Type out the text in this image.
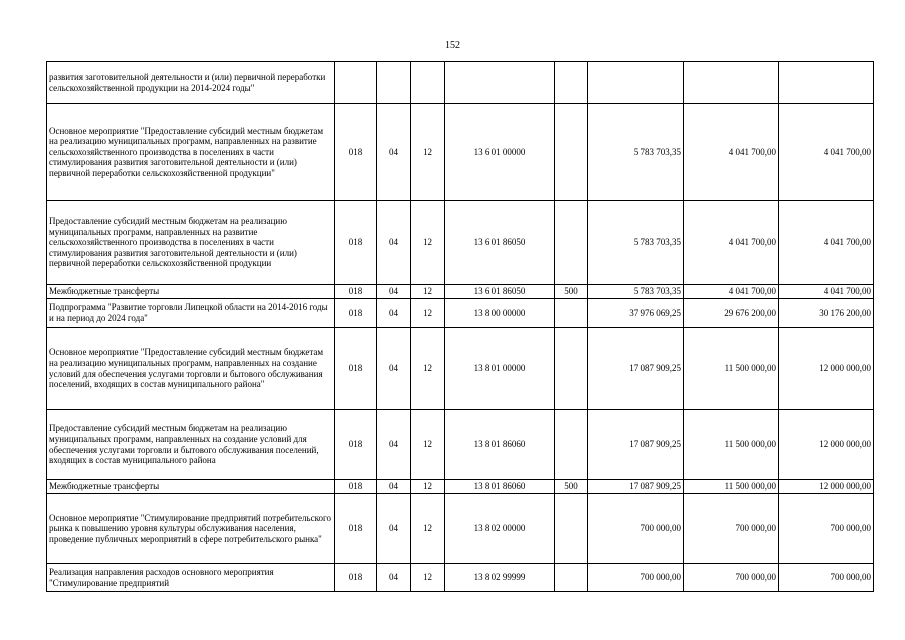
152
развития заготовительной деятельности и (или) первичной переработки сельскохозяйственной продукции на 2014-2024 годы"								
Основное мероприятие "Предоставление субсидий местным бюджетам на реализацию муниципальных программ, направленных на развитие сельскохозяйственного производства в поселениях в части стимулирования развития заготовительной деятельности и (или) первичной переработки сельскохозяйственной продукции"	018	04	12	13 6 01 00000		5 783 703,35	4 041 700,00	4 041 700,00
Предоставление субсидий местным бюджетам на реализацию муниципальных программ, направленных на развитие сельскохозяйственного производства в поселениях в части стимулирования развития заготовительной деятельности и (или) первичной переработки сельскохозяйственной продукции	018	04	12	13 6 01 86050		5 783 703,35	4 041 700,00	4 041 700,00
Межбюджетные трансферты	018	04	12	13 6 01 86050	500	5 783 703,35	4 041 700,00	4 041 700,00
Подпрограмма "Развитие торговли Липецкой области на 2014-2016 годы и на период до 2024 года"	018	04	12	13 8 00 00000		37 976 069,25	29 676 200,00	30 176 200,00
Основное мероприятие "Предоставление субсидий местным бюджетам на реализацию муниципальных программ, направленных на создание условий для обеспечения услугами торговли и бытового обслуживания поселений, входящих в состав муниципального района"	018	04	12	13 8 01 00000		17 087 909,25	11 500 000,00	12 000 000,00
Предоставление субсидий местным бюджетам на реализацию муниципальных программ, направленных на создание условий для обеспечения услугами торговли и бытового обслуживания поселений, входящих в состав муниципального района	018	04	12	13 8 01 86060		17 087 909,25	11 500 000,00	12 000 000,00
Межбюджетные трансферты	018	04	12	13 8 01 86060	500	17 087 909,25	11 500 000,00	12 000 000,00
Основное мероприятие "Стимулирование предприятий потребительского рынка к повышению уровня культуры обслуживания населения, проведение публичных мероприятий в сфере потребительского рынка"	018	04	12	13 8 02 00000		700 000,00	700 000,00	700 000,00
Реализация направления расходов основного мероприятия "Стимулирование предприятий	018	04	12	13 8 02 99999		700 000,00	700 000,00	700 000,00
